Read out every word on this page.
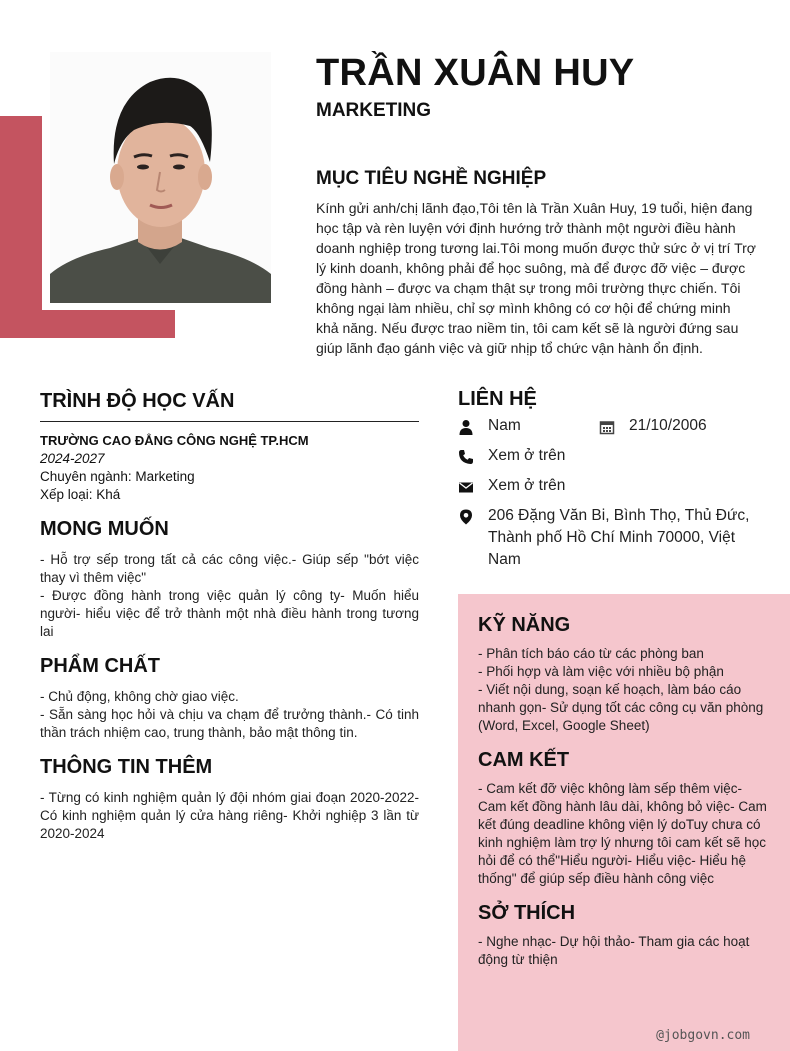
TRẦN XUÂN HUY
MARKETING
MỤC TIÊU NGHỀ NGHIỆP
Kính gửi anh/chị lãnh đạo,Tôi tên là Trần Xuân Huy, 19 tuổi, hiện đang học tập và rèn luyện với định hướng trở thành một người điều hành doanh nghiệp trong tương lai.Tôi mong muốn được thử sức ở vị trí Trợ lý kinh doanh, không phải để học suông, mà để được đỡ việc – được đồng hành – được va chạm thật sự trong môi trường thực chiến. Tôi không ngại làm nhiều, chỉ sợ mình không có cơ hội để chứng minh khả năng. Nếu được trao niềm tin, tôi cam kết sẽ là người đứng sau giúp lãnh đạo gánh việc và giữ nhịp tổ chức vận hành ổn định.
TRÌNH ĐỘ HỌC VẤN
TRƯỜNG CAO ĐẲNG CÔNG NGHỆ TP.HCM
2024-2027
Chuyên ngành: Marketing
Xếp loại: Khá
MONG MUỐN
- Hỗ trợ sếp trong tất cả các công việc.- Giúp sếp "bớt việc thay vì thêm việc"
- Được đồng hành trong việc quản lý công ty- Muốn hiểu người- hiểu việc để trở thành một nhà điều hành trong tương lai
PHẨM CHẤT
- Chủ động, không chờ giao việc.
- Sẵn sàng học hỏi và chịu va chạm để trưởng thành.- Có tinh thần trách nhiệm cao, trung thành, bảo mật thông tin.
THÔNG TIN THÊM
- Từng có kinh nghiệm quản lý đội nhóm giai đoạn 2020-2022- Có kinh nghiệm quản lý cửa hàng riêng- Khởi nghiệp 3 lần từ 2020-2024
LIÊN HỆ
Nam	21/10/2006
Xem ở trên
Xem ở trên
206 Đặng Văn Bi, Bình Thọ, Thủ Đức, Thành phố Hồ Chí Minh 70000, Việt Nam
KỸ NĂNG
- Phân tích báo cáo từ các phòng ban
- Phối hợp và làm việc với nhiều bộ phận
- Viết nội dung, soạn kế hoạch, làm báo cáo nhanh gọn- Sử dụng tốt các công cụ văn phòng (Word, Excel, Google Sheet)
CAM KẾT
- Cam kết đỡ việc không làm sếp thêm việc- Cam kết đồng hành lâu dài, không bỏ việc- Cam kết đúng deadline không viện lý doTuy chưa có kinh nghiệm làm trợ lý nhưng tôi cam kết sẽ học hỏi để có thể"Hiểu người- Hiểu việc- Hiểu hệ thống" để giúp sếp điều hành công việc
SỞ THÍCH
- Nghe nhạc- Dự hội thảo- Tham gia các hoạt động từ thiện
@jobgovn.com
